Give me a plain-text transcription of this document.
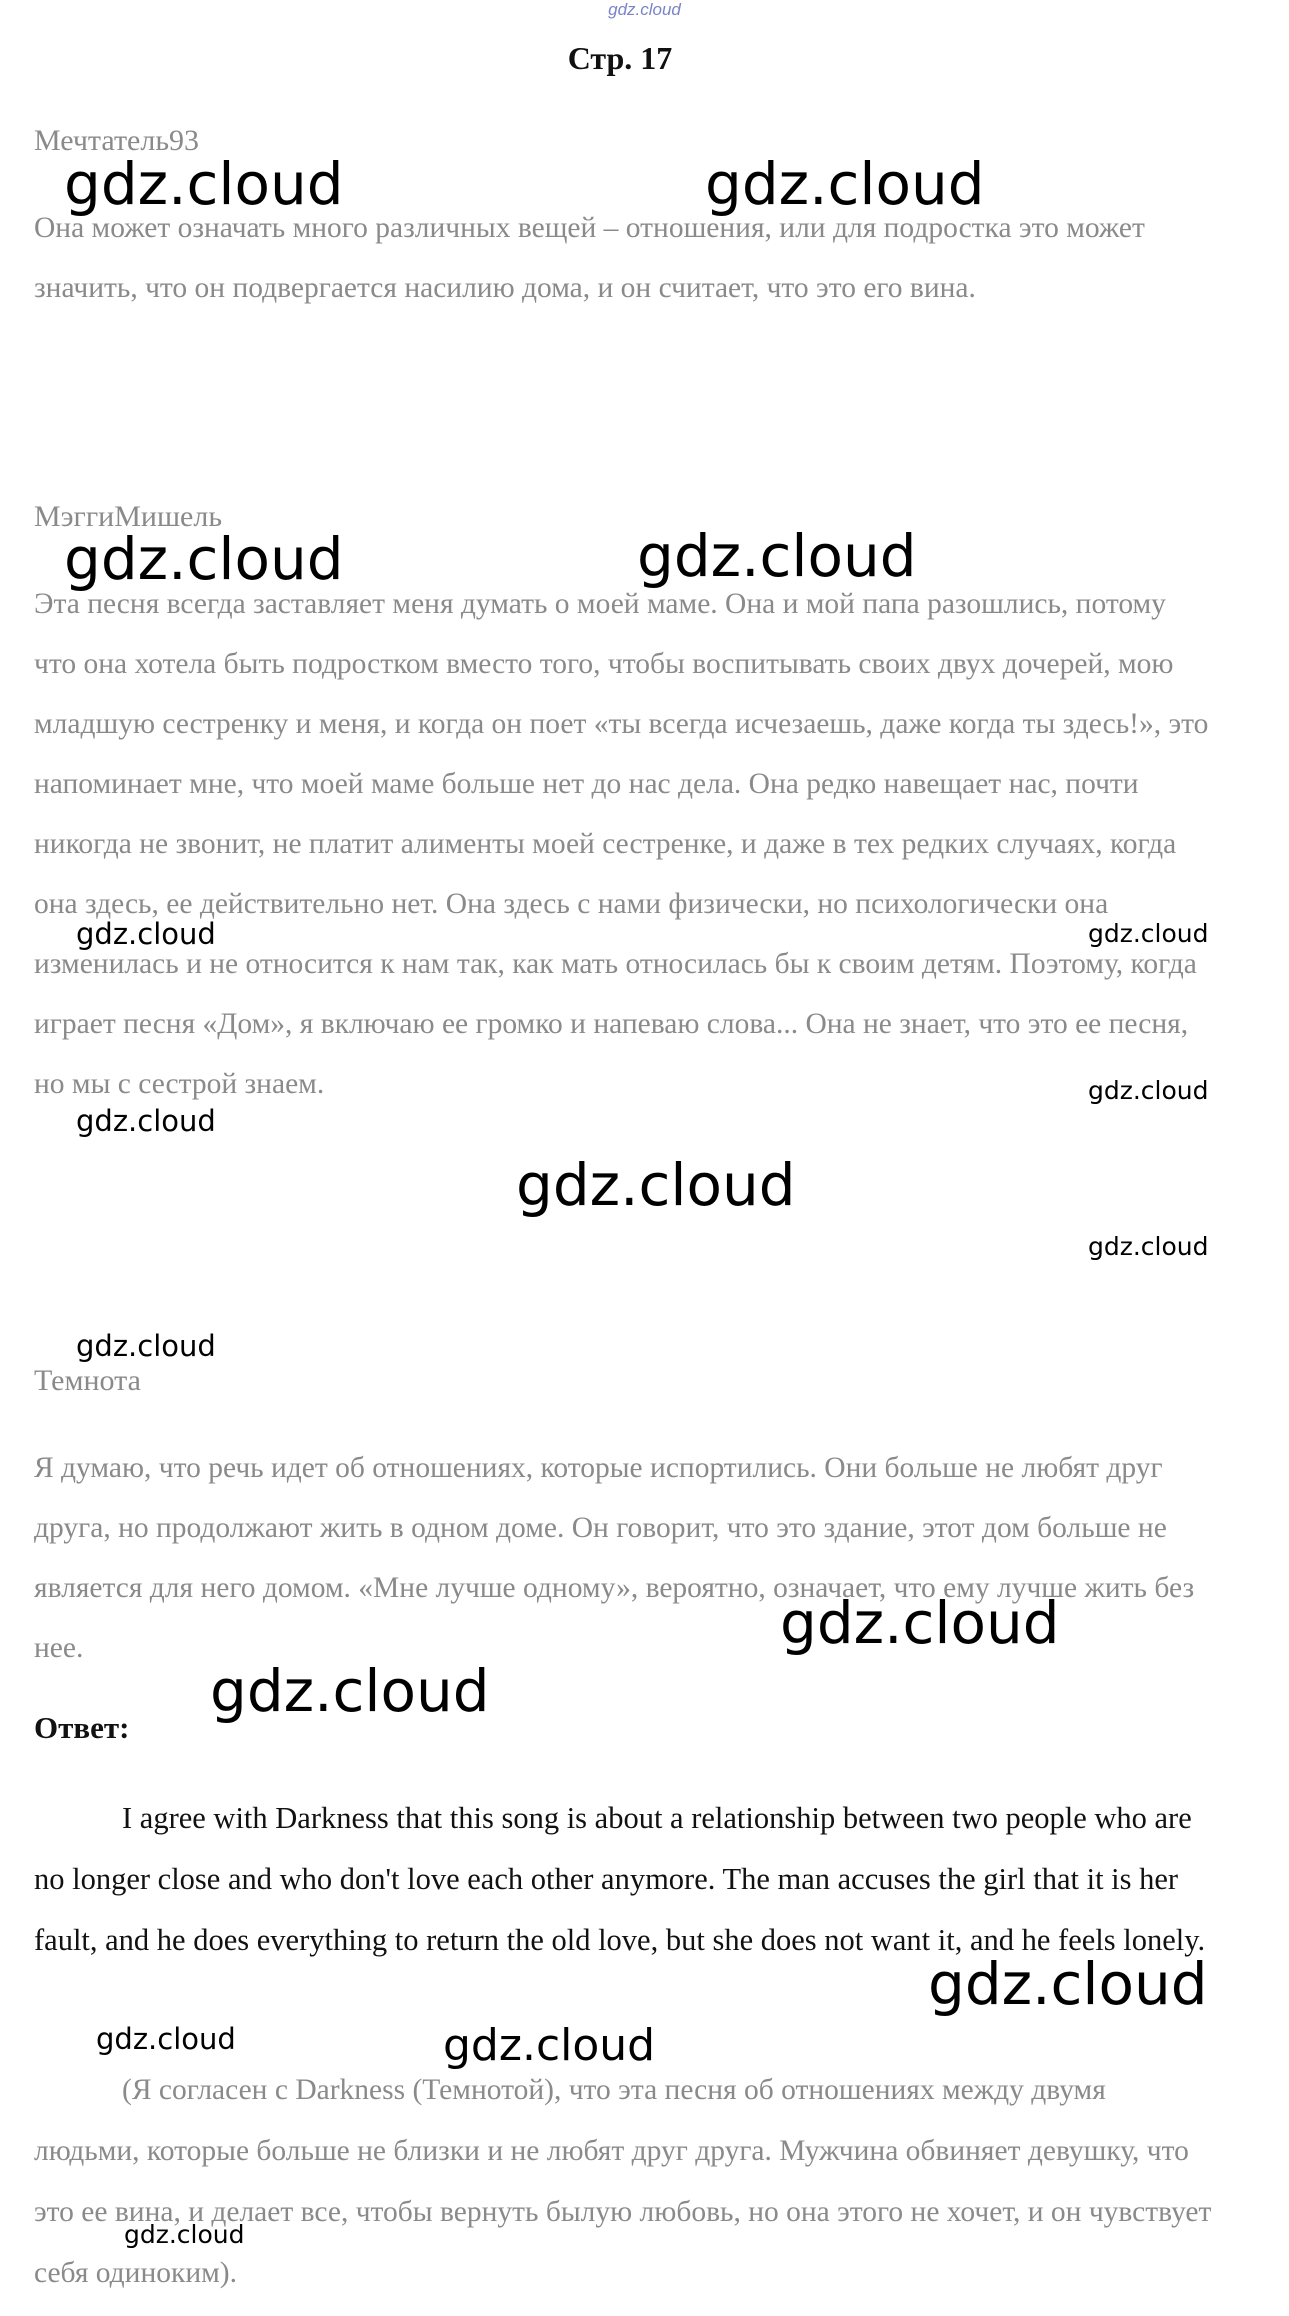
gdz.cloud
Стр. 17
Мечтатель93

Она может означать много различных вещей – отношения, или для подростка это может значить, что он подвергается насилию дома, и он считает, что это его вина.

МэггиМишель

Эта песня всегда заставляет меня думать о моей маме. Она и мой папа разошлись, потому что она хотела быть подростком вместо того, чтобы воспитывать своих двух дочерей, мою младшую сестренку и меня, и когда он поет «ты всегда исчезаешь, даже когда ты здесь!», это напоминает мне, что моей маме больше нет до нас дела. Она редко навещает нас, почти никогда не звонит, не платит алименты моей сестренке, и даже в тех редких случаях, когда она здесь, ее действительно нет. Она здесь с нами физически, но психологически она изменилась и не относится к нам так, как мать относилась бы к своим детям. Поэтому, когда играет песня «Дом», я включаю ее громко и напеваю слова... Она не знает, что это ее песня, но мы с сестрой знаем.

Темнота

Я думаю, что речь идет об отношениях, которые испортились. Они больше не любят друг друга, но продолжают жить в одном доме. Он говорит, что это здание, этот дом больше не является для него домом. «Мне лучше одному», вероятно, означает, что ему лучше жить без нее.

Ответ:

I agree with Darkness that this song is about a relationship between two people who are no longer close and who don't love each other anymore. The man accuses the girl that it is her fault, and he does everything to return the old love, but she does not want it, and he feels lonely.

(Я согласен с Darkness (Темнотой), что эта песня об отношениях между двумя людьми, которые больше не близки и не любят друг друга. Мужчина обвиняет девушку, что это ее вина, и делает все, чтобы вернуть былую любовь, но она этого не хочет, и он чувствует себя одиноким).

gdz.cloud	gdz.cloud
gdz.cloud	gdz.cloud
gdz.cloud	gdz.cloud
gdz.cloud
gdz.cloud
gdz.cloud
gdz.cloud
gdz.cloud
gdz.cloud
gdz.cloud
gdz.cloud
gdz.cloud	gdz.cloud
gdz.cloud
